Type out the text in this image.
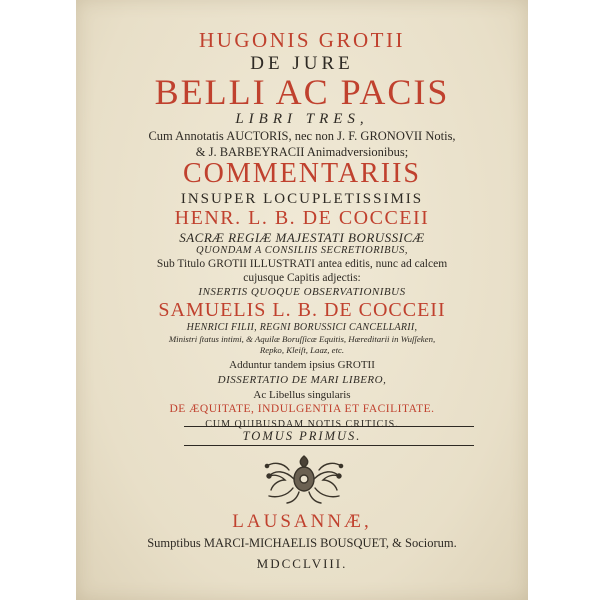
HUGONIS GROTII
DE JURE
BELLI AC PACIS
LIBRI TRES,
Cum Annotatis AUCTORIS, nec non J. F. GRONOVII Notis,
& J. BARBEYRACII Animadversionibus;
COMMENTARIIS
INSUPER LOCUPLETISSIMIS
HENR. L. B. DE COCCEII
SACRÆ REGIÆ MAJESTATI BORUSSICÆ
QUONDAM A CONSILIIS SECRETIORIBUS,
Sub Titulo GROTII ILLUSTRATI antea editis, nunc ad calcem
cujusque Capitis adjectis:
INSERTIS QUOQUE OBSERVATIONIBUS
SAMUELIS L. B. DE COCCEII
HENRICI FILII, REGNI BORUSSICI CANCELLARII,
Ministri ſtatus intimi, & Aquilæ Boruſſicæ Equitis, Hæreditarii in Wuſſeken,
Repko, Kleiſt, Laaz, etc.
Adduntur tandem ipsius GROTII
DISSERTATIO DE MARI LIBERO,
Ac Libellus singularis
DE ÆQUITATE, INDULGENTIA ET FACILITATE.
CUM QUIBUSDAM NOTIS CRITICIS.
TOMUS PRIMUS.
LAUSANNÆ,
Sumptibus MARCI-MICHAELIS BOUSQUET, & Sociorum.
MDCCLVIII.
